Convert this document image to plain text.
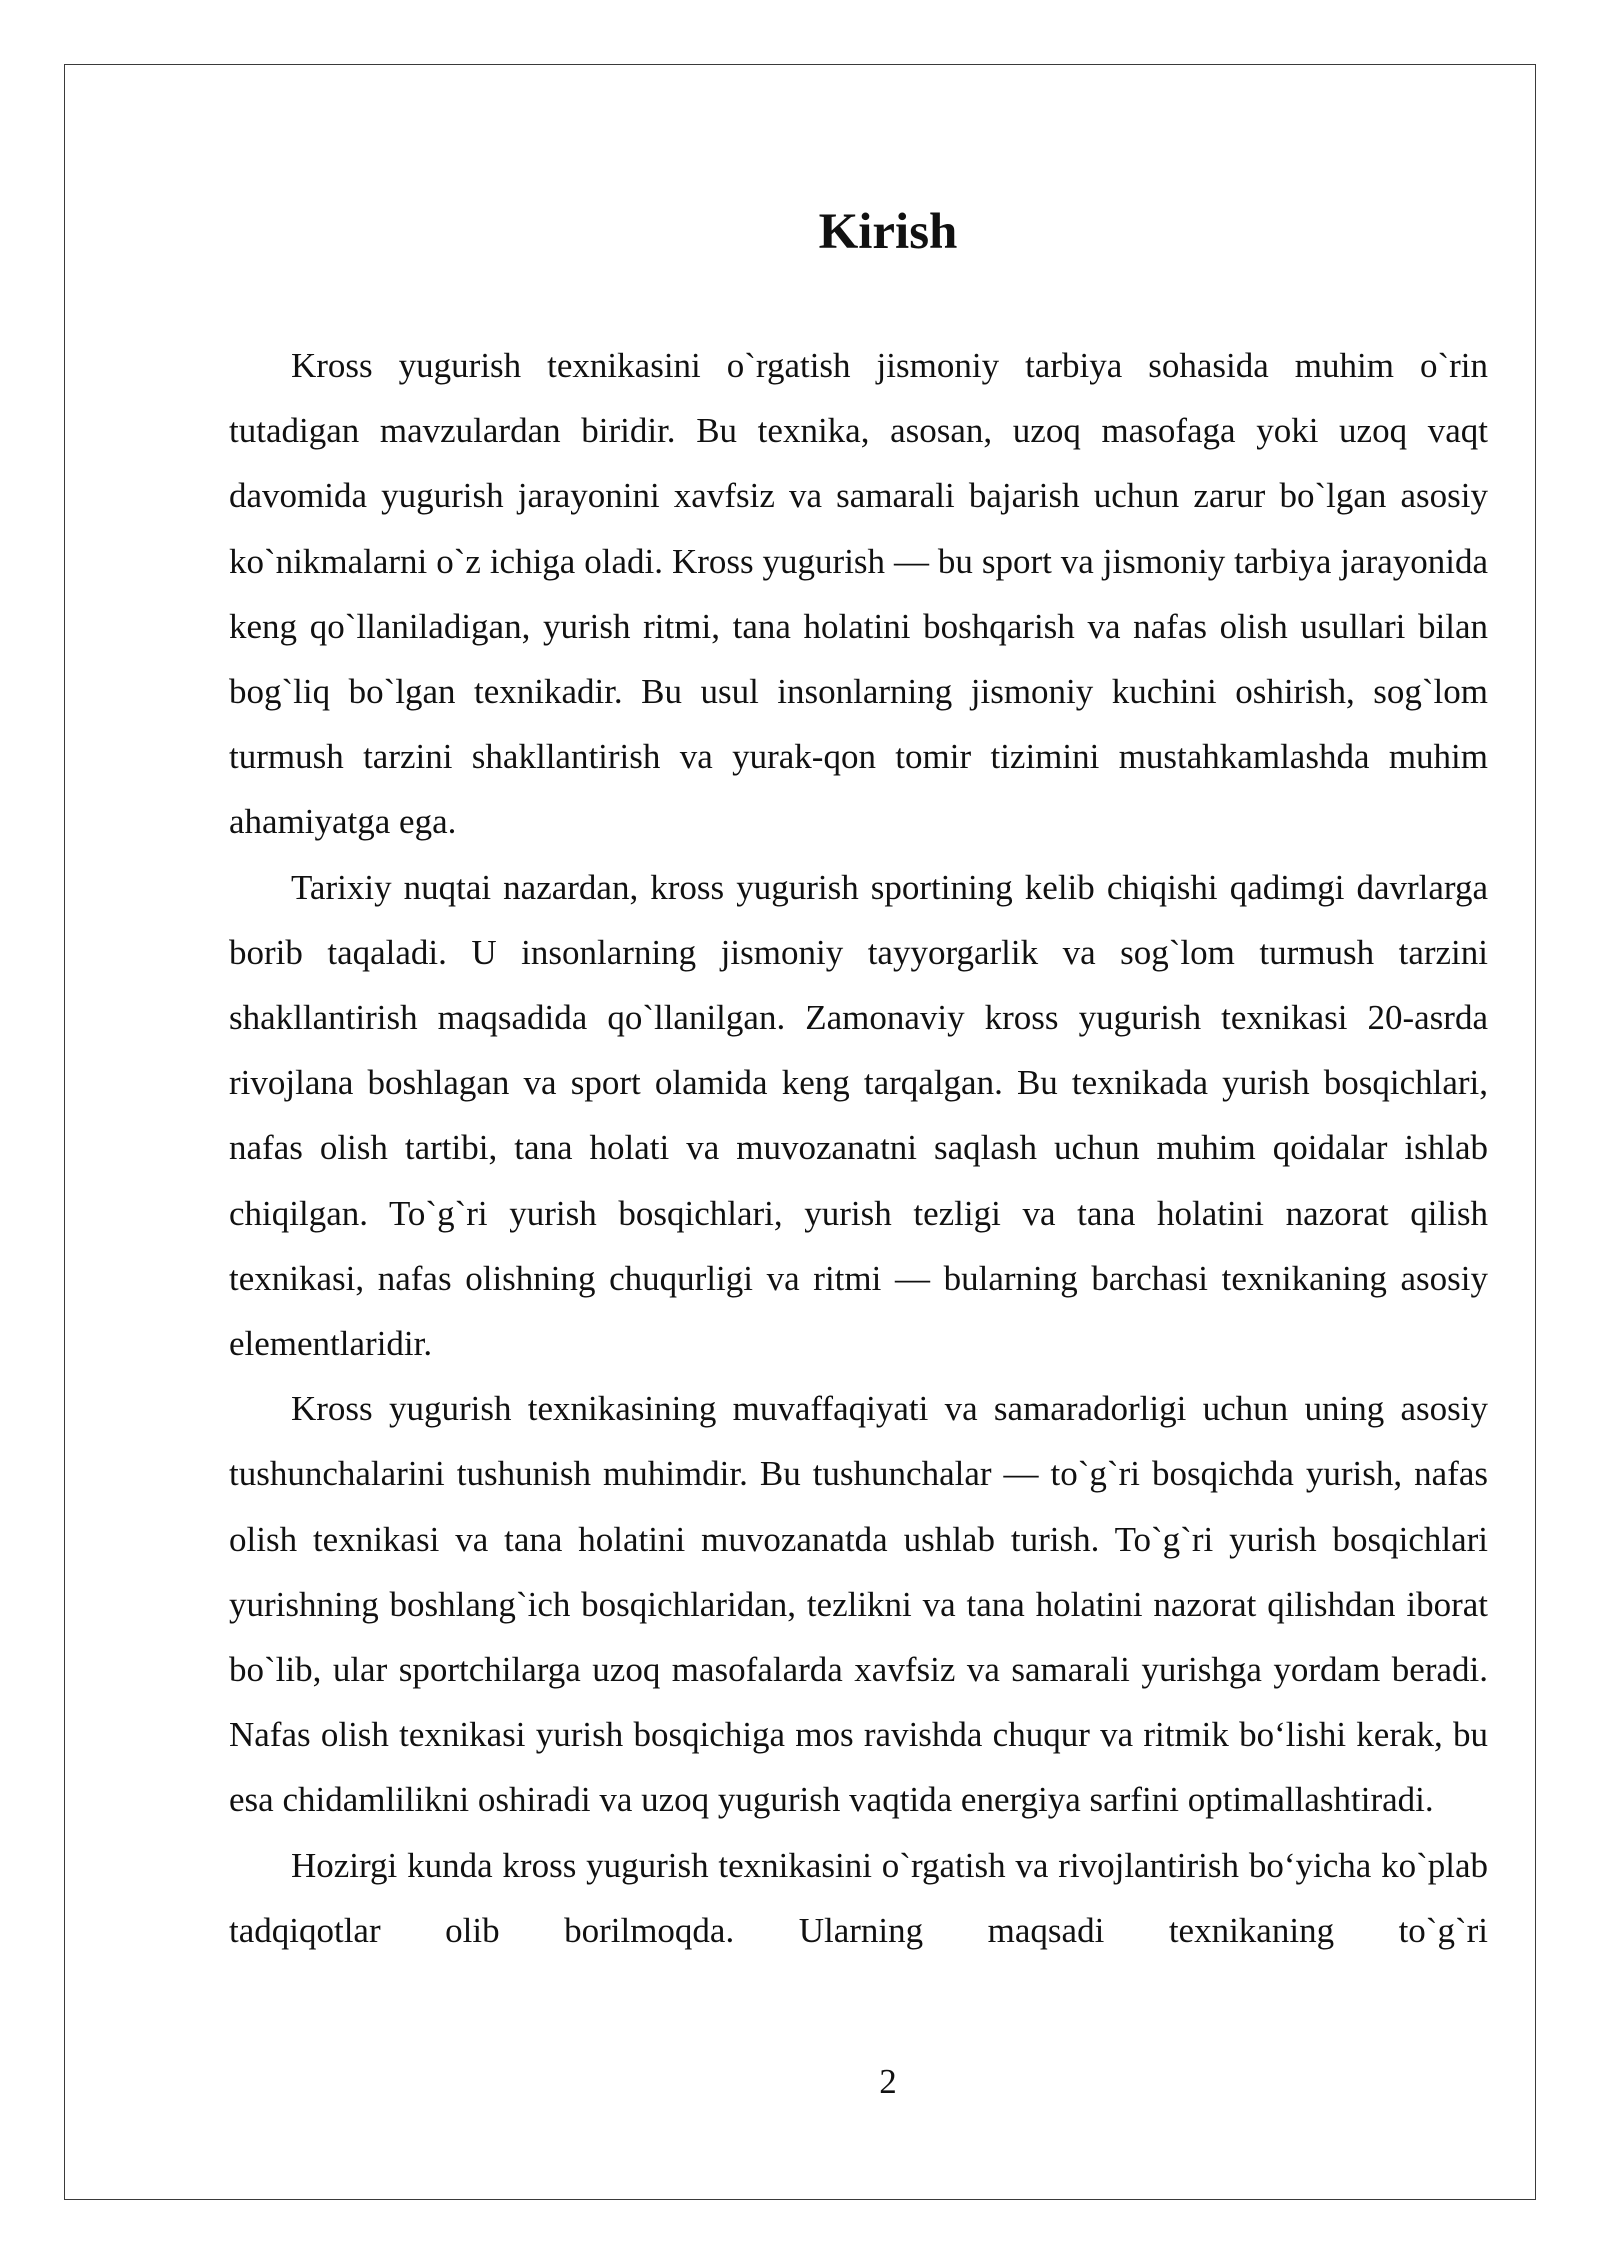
Kirish

Kross yugurish texnikasini o`rgatish jismoniy tarbiya sohasida muhim o`rin tutadigan mavzulardan biridir. Bu texnika, asosan, uzoq masofaga yoki uzoq vaqt davomida yugurish jarayonini xavfsiz va samarali bajarish uchun zarur bo`lgan asosiy ko`nikmalarni o`z ichiga oladi. Kross yugurish — bu sport va jismoniy tarbiya jarayonida keng qo`llaniladigan, yurish ritmi, tana holatini boshqarish va nafas olish usullari bilan bog`liq bo`lgan texnikadir. Bu usul insonlarning jismoniy kuchini oshirish, sog`lom turmush tarzini shakllantirish va yurak-qon tomir tizimini mustahkamlashda muhim ahamiyatga ega.

Tarixiy nuqtai nazardan, kross yugurish sportining kelib chiqishi qadimgi davrlarga borib taqaladi. U insonlarning jismoniy tayyorgarlik va sog`lom turmush tarzini shakllantirish maqsadida qo`llanilgan. Zamonaviy kross yugurish texnikasi 20-asrda rivojlana boshlagan va sport olamida keng tarqalgan. Bu texnikada yurish bosqichlari, nafas olish tartibi, tana holati va muvozanatni saqlash uchun muhim qoidalar ishlab chiqilgan. To`g`ri yurish bosqichlari, yurish tezligi va tana holatini nazorat qilish texnikasi, nafas olishning chuqurligi va ritmi — bularning barchasi texnikaning asosiy elementlaridir.

Kross yugurish texnikasining muvaffaqiyati va samaradorligi uchun uning asosiy tushunchalarini tushunish muhimdir. Bu tushunchalar — to`g`ri bosqichda yurish, nafas olish texnikasi va tana holatini muvozanatda ushlab turish. To`g`ri yurish bosqichlari yurishning boshlang`ich bosqichlaridan, tezlikni va tana holatini nazorat qilishdan iborat bo`lib, ular sportchilarga uzoq masofalarda xavfsiz va samarali yurishga yordam beradi. Nafas olish texnikasi yurish bosqichiga mos ravishda chuqur va ritmik bo‘lishi kerak, bu esa chidamlilikni oshiradi va uzoq yugurish vaqtida energiya sarfini optimallashtiradi.

Hozirgi kunda kross yugurish texnikasini o`rgatish va rivojlantirish bo‘yicha ko`plab tadqiqotlar olib borilmoqda. Ularning maqsadi texnikaning to`g`ri

2
